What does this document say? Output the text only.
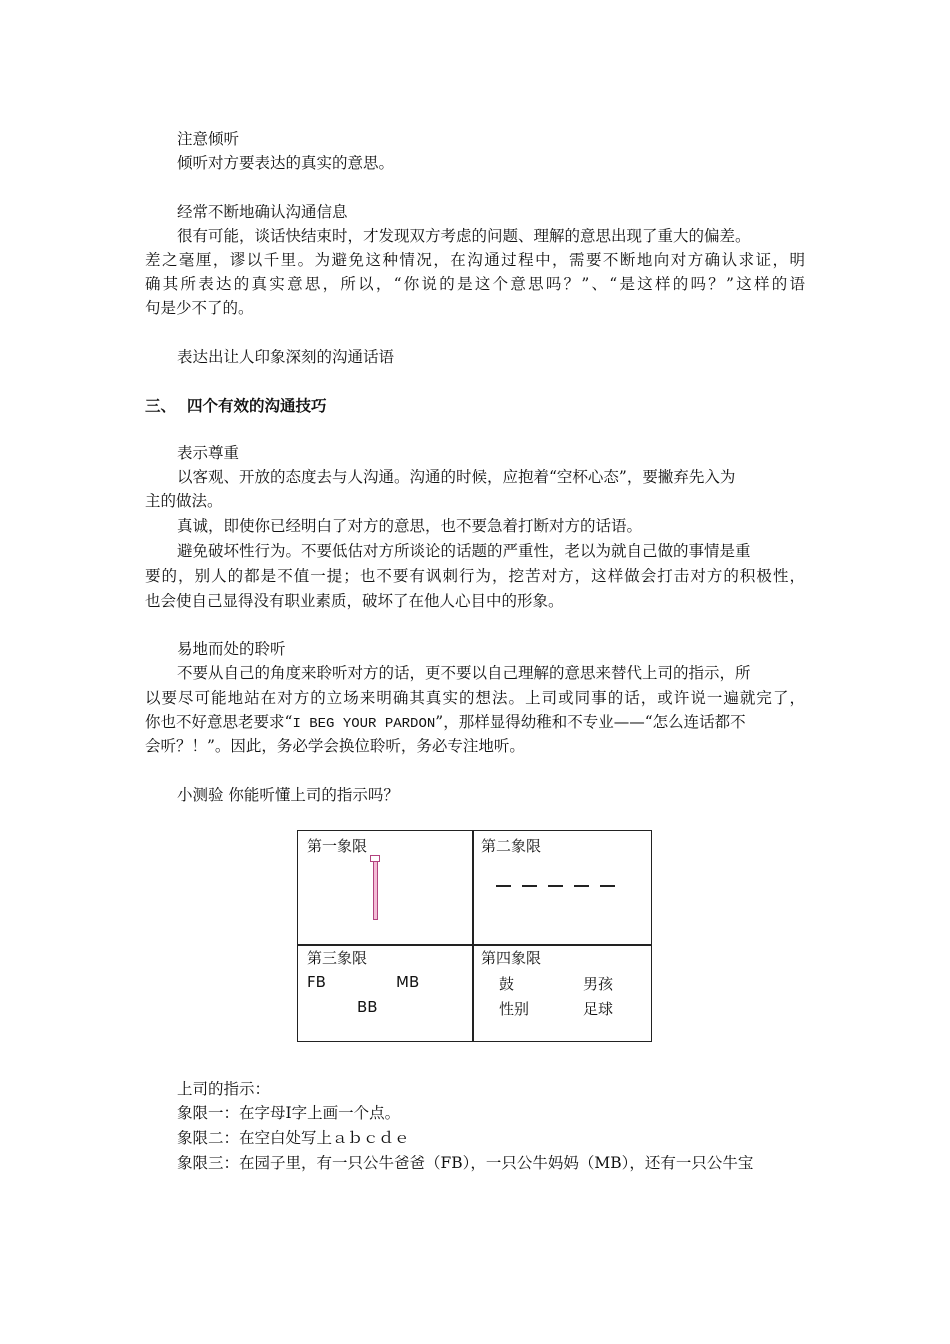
注意倾听
倾听对方要表达的真实的意思。
经常不断地确认沟通信息
很有可能，谈话快结束时，才发现双方考虑的问题、理解的意思出现了重大的偏差。
差之毫厘，谬以千里。为避免这种情况，在沟通过程中，需要不断地向对方确认求证，明
确其所表达的真实意思，所以，“你说的是这个意思吗？”、“是这样的吗？”这样的语
句是少不了的。
表达出让人印象深刻的沟通话语
三、 四个有效的沟通技巧
表示尊重
以客观、开放的态度去与人沟通。沟通的时候，应抱着“空杯心态”，要撇弃先入为
主的做法。
真诚，即使你已经明白了对方的意思，也不要急着打断对方的话语。
避免破坏性行为。不要低估对方所谈论的话题的严重性，老以为就自己做的事情是重
要的，别人的都是不值一提；也不要有讽刺行为，挖苦对方，这样做会打击对方的积极性，
也会使自己显得没有职业素质，破坏了在他人心目中的形象。
易地而处的聆听
不要从自己的角度来聆听对方的话，更不要以自己理解的意思来替代上司的指示，所
以要尽可能地站在对方的立场来明确其真实的想法。上司或同事的话，或许说一遍就完了，
你也不好意思老要求“I BEG YOUR PARDON”，那样显得幼稚和不专业——“怎么连话都不
会听？！”。因此，务必学会换位聆听，务必专注地听。
小测验 你能听懂上司的指示吗？
上司的指示：
象限一：在字母Ⅰ字上画一个点。
象限二：在空白处写上ａｂｃｄｅ
象限三：在园子里，有一只公牛爸爸（FB），一只公牛妈妈（MB），还有一只公牛宝
第一象限	第二象限
第三象限
FB	MB
BB
第四象限
鼓	男孩
性别	足球
